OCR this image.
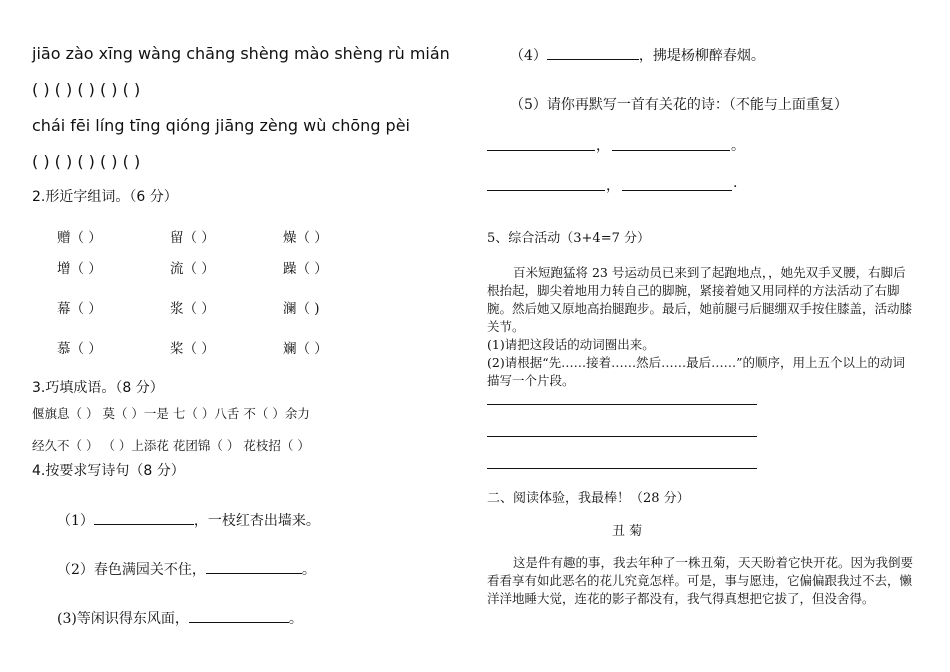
jiāo zào xīng wàng chāng shèng mào shèng rù mián
( ) ( ) ( ) ( ) ( )
chái fēi líng tīng qióng jiāng zèng wù chōng pèi
( ) ( ) ( ) ( ) ( )
2.形近字组词。（6 分）
赠（ ）	留（ ）	燥（ ）
增（ ）	流（ ）	躁（ ）
幕（ ）	浆（ ）	澜（ )
慕（ ）	桨（ ）	斓（ ）
3.巧填成语。（8 分）
偃旗息（ ） 莫（ ）一是 七（ ）八舌 不（ ）余力
经久不（ ） （ ）上添花 花团锦（ ） 花枝招（ ）
4.按要求写诗句（8 分）
（1）	，一枝红杏出墙来。
（2）春色满园关不住，	。
(3)等闲识得东风面，	。
（4）	，拂堤杨柳醉春烟。
（5）请你再默写一首有关花的诗：（不能与上面重复）
，	。
，	.
5、综合活动（3+4=7 分）
百米短跑猛将 23 号运动员已来到了起跑地点，，她先双手叉腰，右脚后根抬起，脚尖着地用力转自己的脚腕，紧接着她又用同样的方法活动了右脚腕。然后她又原地高抬腿跑步。最后，她前腿弓后腿绷双手按住膝盖，活动膝关节。
(1)请把这段话的动词圈出来。
(2)请根据“先……接着……然后……最后……”的顺序，用上五个以上的动词描写一个片段。
二、阅读体验，我最棒！（28 分）
丑 菊
这是件有趣的事，我去年种了一株丑菊，天天盼着它快开花。因为我倒要看看享有如此恶名的花儿究竟怎样。可是，事与愿违，它偏偏跟我过不去，懒洋洋地睡大觉，连花的影子都没有，我气得真想把它拔了，但没舍得。
